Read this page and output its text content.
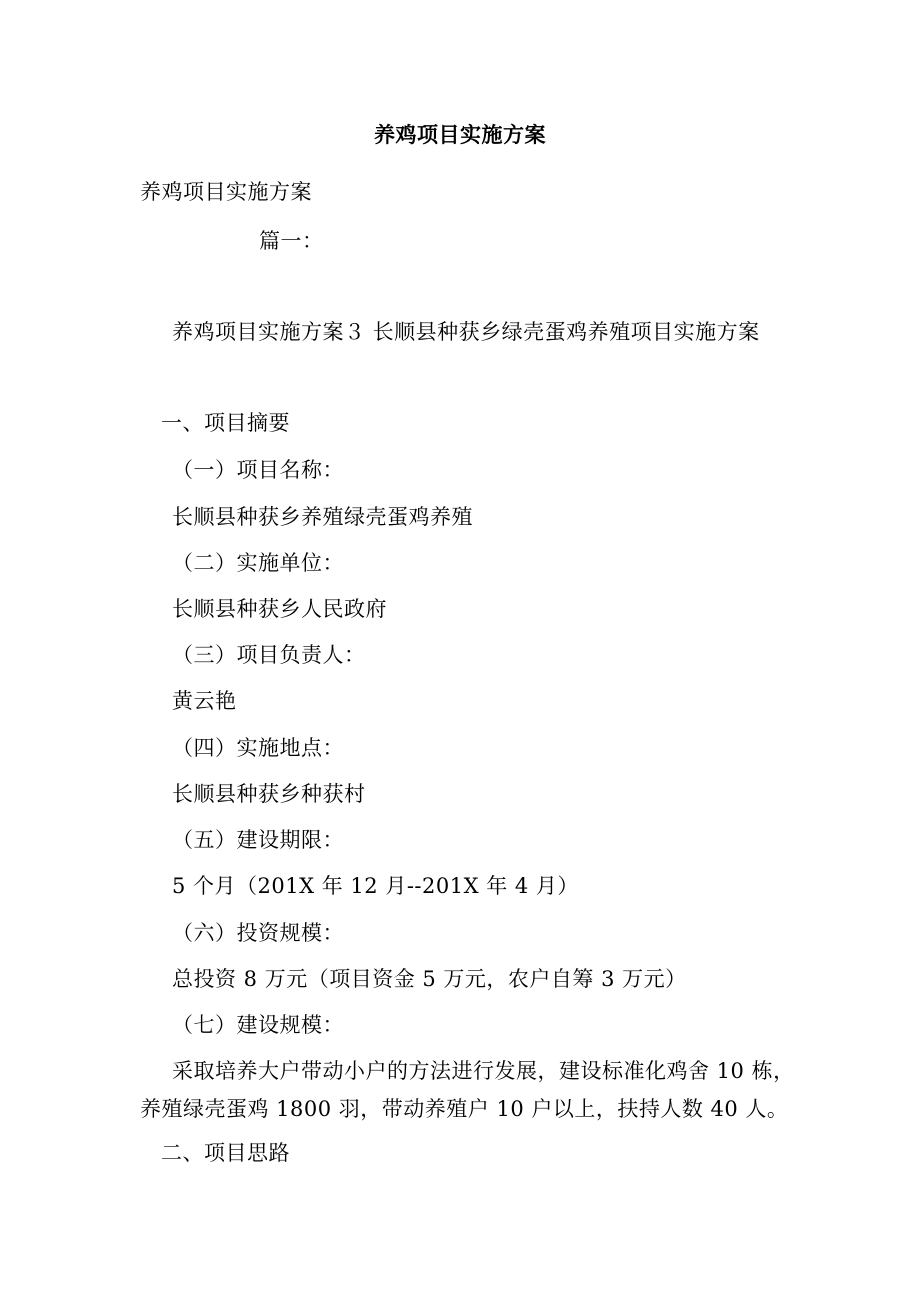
养鸡项目实施方案
养鸡项目实施方案
篇一：
养鸡项目实施方案３ 长顺县种获乡绿壳蛋鸡养殖项目实施方案
一、项目摘要
（一）项目名称：
长顺县种获乡养殖绿壳蛋鸡养殖
（二）实施单位：
长顺县种获乡人民政府
（三）项目负责人：
黄云艳
（四）实施地点：
长顺县种获乡种获村
（五）建设期限：
5 个月（201X 年 12 月--201X 年 4 月）
（六）投资规模：
总投资 8 万元（项目资金 5 万元，农户自筹 3 万元）
（七）建设规模：
采取培养大户带动小户的方法进行发展，建设标准化鸡舍 10 栋，
养殖绿壳蛋鸡 1800 羽，带动养殖户 10 户以上，扶持人数 40 人。
二、项目思路
